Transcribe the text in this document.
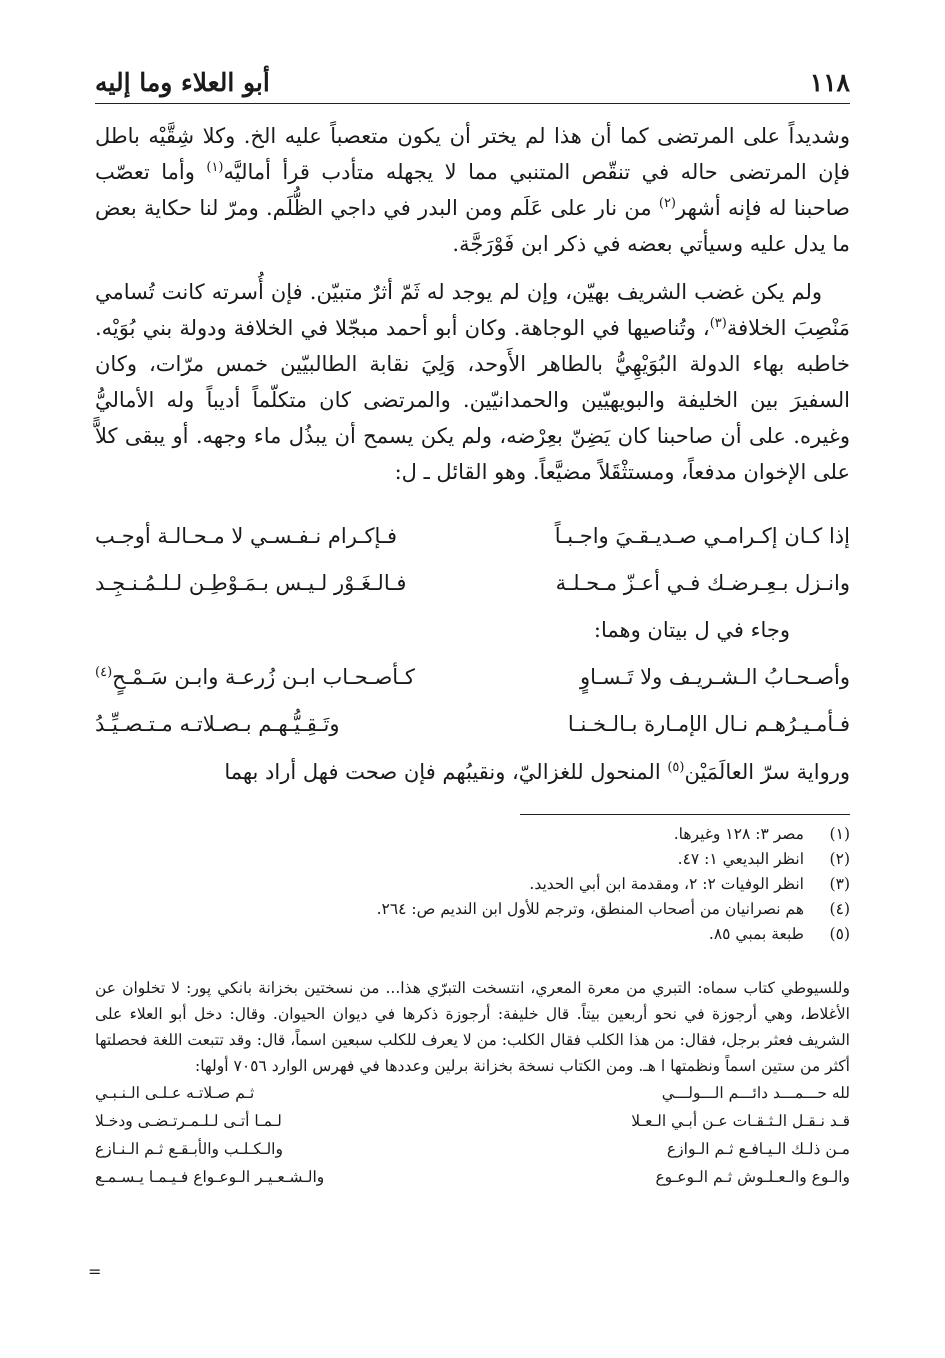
١١٨
أبو العلاء وما إليه

وشديداً على المرتضى كما أن هذا لم يختر أن يكون متعصباً عليه الخ. وكلا شِقَّيْه باطل فإن المرتضى حاله في تنقّص المتنبي مما لا يجهله متأدب قرأ أماليَّه$^{(١)}$ وأما تعصّب صاحبنا له فإنه أشهر$^{(٢)}$ من نار على عَلَم ومن البدر في داجي الظُّلَم. ومرّ لنا حكاية بعض ما يدل عليه وسيأتي بعضه في ذكر ابن فَوْرَجَّة.

ولم يكن غضب الشريف بهيّن، وإن لم يوجد له ثَمّ أثرٌ متبيّن. فإن أُسرته كانت تُسامي مَنْصِبَ الخلافة$^{(٣)}$، وتُناصيها في الوجاهة. وكان أبو أحمد مبجّلا في الخلافة ودولة بني بُوَيْه. خاطبه بهاء الدولة البُوَيْهِيُّ بالطاهر الأَوحد، وَلِيَ نقابة الطالبيّين خمس مرّات، وكان السفيرَ بين الخليفة والبويهيّين والحمدانيّين. والمرتضى كان متكلّماً أديباً وله الأماليُّ وغيره. على أن صاحبنا كان يَضِنّ بعِرْضه، ولم يكن يسمح أن يبذُل ماء وجهه. أو يبقى كلاًّ على الإخوان مدفعاً، ومستثْقَلاً مضيَّعاً. وهو القائل ـ ل:

إذا كـان إكـرامـي صـديـقـيَ واجـبـاً
فـإكـرام نـفـسـي لا مـحـالـة أوجـب
وانـزل بـعِـرضـك فـي أعـزّ مـحـلـة
فـالـغَـوْر لـيـس بـمَـوْطِـن لـلـمُـنـجِـد
وجاء في ل بيتان وهما:
وأصـحـابُ الـشـريـف ولا تَـسـاوٍ
كـأصـحـاب ابـن زُرعـة وابـن سَـمْـحٍ$^{(٤)}$
فـأمـيـرُهـم نـال الإمـارة بـالـخـنـا
وتَـقِـيُّـهـم بـصـلاتـه مـتـصـيِّـدُ
ورواية سرّ العالَمَيْن$^{(٥)}$ المنحول للغزاليّ، ونقيبُهم فإن صحت فهل أراد بهما
(١)
مصر ٣: ١٢٨ وغيرها.
(٢)
انظر البديعي ١: ٤٧.
(٣)
انظر الوفيات ٢: ٢، ومقدمة ابن أبي الحديد.
(٤)
هم نصرانيان من أصحاب المنطق، وترجم للأول ابن النديم ص: ٢٦٤.
(٥)
طبعة بمبي ٨٥.

وللسيوطي كتاب سماه: التبري من معرة المعري، انتسخت التبرّي هذا... من نسختين بخزانة بانكي پور: لا تخلوان عن الأغلاط، وهي أرجوزة في نحو أربعين بيتاً. قال خليفة: أرجوزة ذكرها في ديوان الحيوان. وقال: دخل أبو العلاء على الشريف فعثر برجل، فقال: من هذا الكلب فقال الكلب: من لا يعرف للكلب سبعين اسماً، قال: وقد تتبعت اللغة فحصلتها أكثر من ستين اسماً ونظمتها ا هـ. ومن الكتاب نسخة بخزانة برلين وعددها في فهرس الوارد ٧٠٥٦ أولها:

لله حـــمـــد دائـــم الـــولـــي
ثـم صـلاتـه عـلـى الـنـبـي
قـد نـقـل الـثـقـات عـن أبـي الـعـلا
لـمـا أتـى لـلـمـرتـضـى ودخـلا
مـن ذلـك الـيـافـع ثـم الـوازع
والـكـلـب والأبـقـع ثـم الـنـازع
والـوع والـعـلـوش ثـم الـوعـوع
والـشـعـيـر الـوعـواع فـيـمـا يـسـمـع
=
